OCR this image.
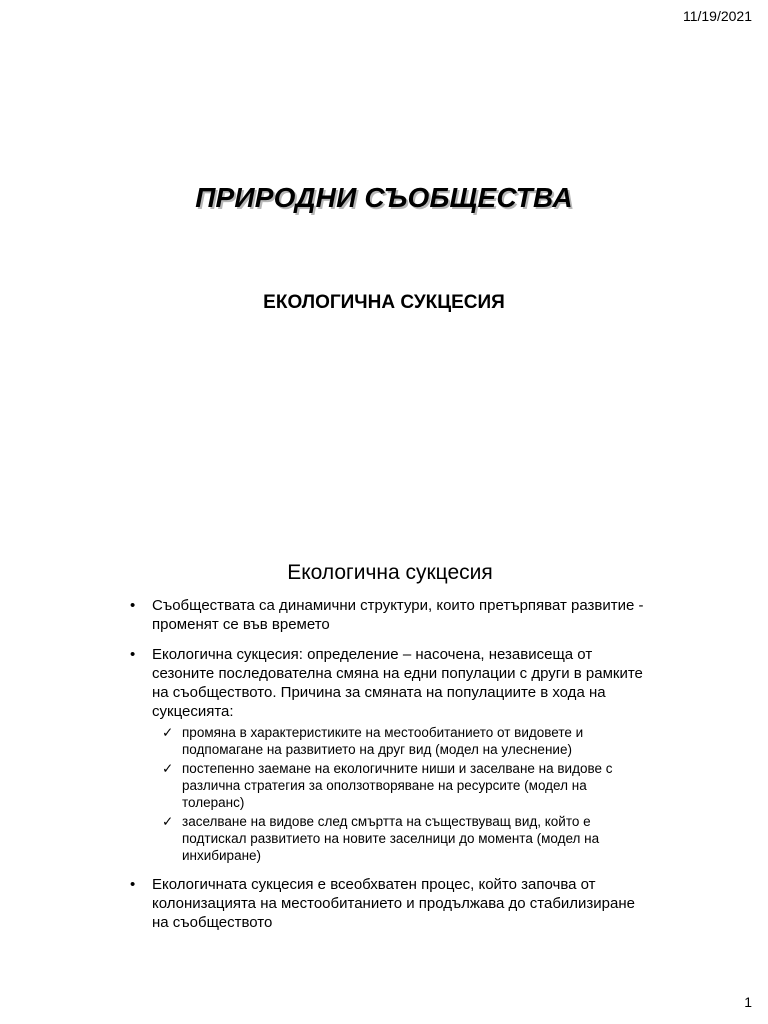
11/19/2021
ПРИРОДНИ СЪОБЩЕСТВА
ЕКОЛОГИЧНА СУКЦЕСИЯ
Екологична сукцесия
• Съобществата са динамични структури, които претърпяват развитие - променят се във времето
• Екологична сукцесия: определение – насочена, независеща от сезоните последователна смяна на едни популации с други в рамките на съобществото. Причина за смяната на популациите в хода на сукцесията:
✓ промяна в характеристиките на местообитанието от видовете и подпомагане на развитието на друг вид (модел на улеснение)
✓ постепенно заемане на екологичните ниши и заселване на видове с различна стратегия за оползотворяване на ресурсите (модел на толеранс)
✓ заселване на видове след смъртта на съществуващ вид, който е подтискал развитието на новите заселници до момента (модел на инхибиране)
• Екологичната сукцесия е всеобхватен процес, който започва от колонизацията на местообитанието и продължава до стабилизиране на съобществото
1
